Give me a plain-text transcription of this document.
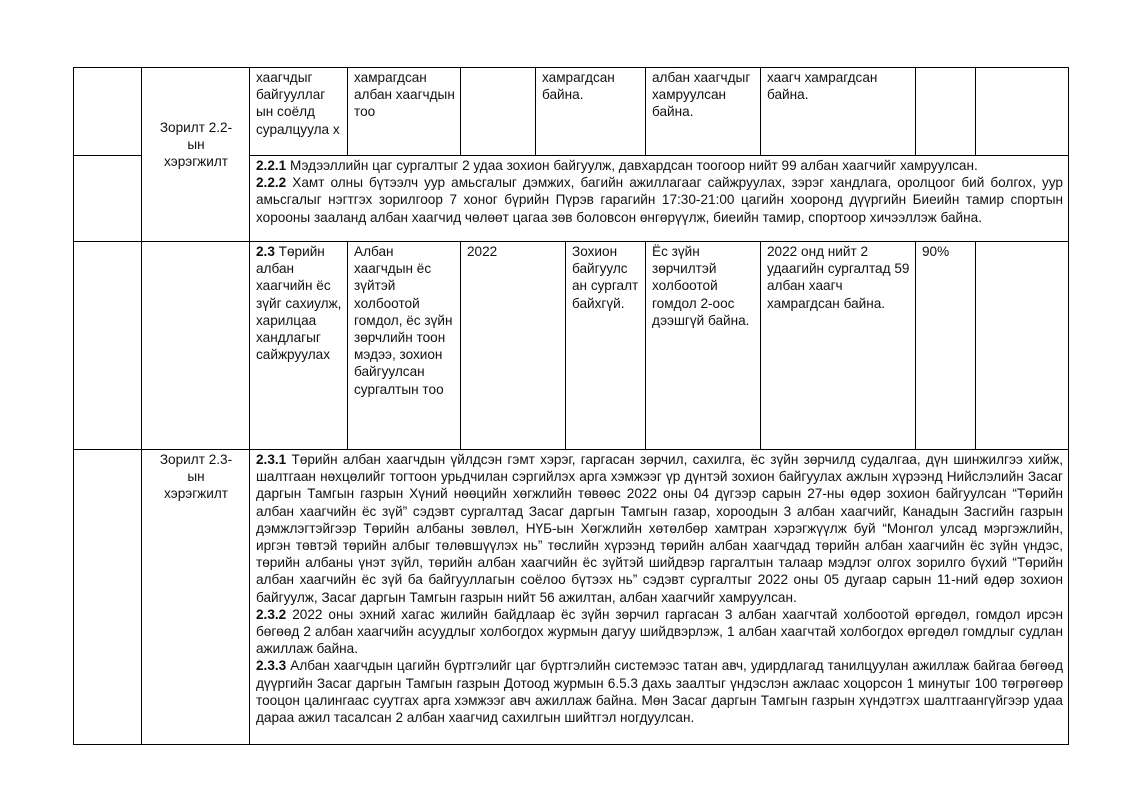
Зорилт 2.2-
ын
хэрэгжилт
хаагчдыг байгууллаг ын соёлд суралцуула х
хамрагдсан албан хаагчдын тоо
хамрагдсан байна.
албан хаагчдыг хамруулсан байна.
хаагч хамрагдсан байна.

2.2.1 Мэдээллийн цаг сургалтыг 2 удаа зохион байгуулж, давхардсан тоогоор нийт 99 албан хаагчийг хамруулсан.

2.2.2 Хамт олны бүтээлч уур амьсгалыг дэмжих, багийн ажиллагааг сайжруулах, зэрэг хандлага, оролцоог бий болгох, уур амьсгалыг нэгтгэх зорилгоор 7 хоног бүрийн Пүрэв гарагийн 17:30-21:00 цагийн хооронд дүүргийн Биеийн тамир спортын хорооны зааланд албан хаагчид чөлөөт цагаа зөв боловсон өнгөрүүлж, биеийн тамир, спортоор хичээллэж байна.

2.3 Төрийн албан хаагчийн ёс зүйг сахиулж, харилцаа хандлагыг сайжруулах
Албан хаагчдын ёс зүйтэй холбоотой гомдол, ёс зүйн зөрчлийн тоон мэдээ, зохион байгуулсан сургалтын тоо
2022	Зохион байгуулс ан сургалт байхгүй.
Ёс зүйн зөрчилтэй холбоотой гомдол 2-оос дээшгүй байна.
2022 онд нийт 2 удаагийн сургалтад 59 албан хаагч хамрагдсан байна.
90%
Зорилт 2.3-
ын
хэрэгжилт

2.3.1 Төрийн албан хаагчдын үйлдсэн гэмт хэрэг, гаргасан зөрчил, сахилга, ёс зүйн зөрчилд судалгаа, дүн шинжилгээ хийж, шалтгаан нөхцөлийг тогтоон урьдчилан сэргийлэх арга хэмжээг үр дүнтэй зохион байгуулах ажлын хүрээнд Нийслэлийн Засаг даргын Тамгын газрын Хүний нөөцийн хөгжлийн төвөөс 2022 оны 04 дүгээр сарын 27-ны өдөр зохион байгуулсан “Төрийн албан хаагчийн ёс зүй” сэдэвт сургалтад Засаг даргын Тамгын газар, хороодын 3 албан хаагчийг, Канадын Засгийн газрын дэмжлэгтэйгээр Төрийн албаны зөвлөл, НҮБ-ын Хөгжлийн хөтөлбөр хамтран хэрэгжүүлж буй “Монгол улсад мэргэжлийн, иргэн төвтэй төрийн албыг төлөвшүүлэх нь” төслийн хүрээнд төрийн албан хаагчдад төрийн албан хаагчийн ёс зүйн үндэс, төрийн албаны үнэт зүйл, төрийн албан хаагчийн ёс зүйтэй шийдвэр гаргалтын талаар мэдлэг олгох зорилго бүхий “Төрийн албан хаагчийн ёс зүй ба байгууллагын соёлоо бүтээх нь” сэдэвт сургалтыг 2022 оны 05 дугаар сарын 11-ний өдөр зохион байгуулж, Засаг даргын Тамгын газрын нийт 56 ажилтан, албан хаагчийг хамруулсан.

2.3.2 2022 оны эхний хагас жилийн байдлаар ёс зүйн зөрчил гаргасан 3 албан хаагчтай холбоотой өргөдөл, гомдол ирсэн бөгөөд 2 албан хаагчийн асуудлыг холбогдох журмын дагуу шийдвэрлэж, 1 албан хаагчтай холбогдох өргөдөл гомдлыг судлан ажиллаж байна.

2.3.3 Албан хаагчдын цагийн бүртгэлийг цаг бүртгэлийн системээс татан авч, удирдлагад танилцуулан ажиллаж байгаа бөгөөд дүүргийн Засаг даргын Тамгын газрын Дотоод журмын 6.5.3 дахь заалтыг үндэслэн ажлаас хоцорсон 1 минутыг 100 төгрөгөөр тооцон цалингаас суутгах арга хэмжээг авч ажиллаж байна. Мөн Засаг даргын Тамгын газрын хүндэтгэх шалтгаангүйгээр удаа дараа ажил тасалсан 2 албан хаагчид сахилгын шийтгэл ногдуулсан.
